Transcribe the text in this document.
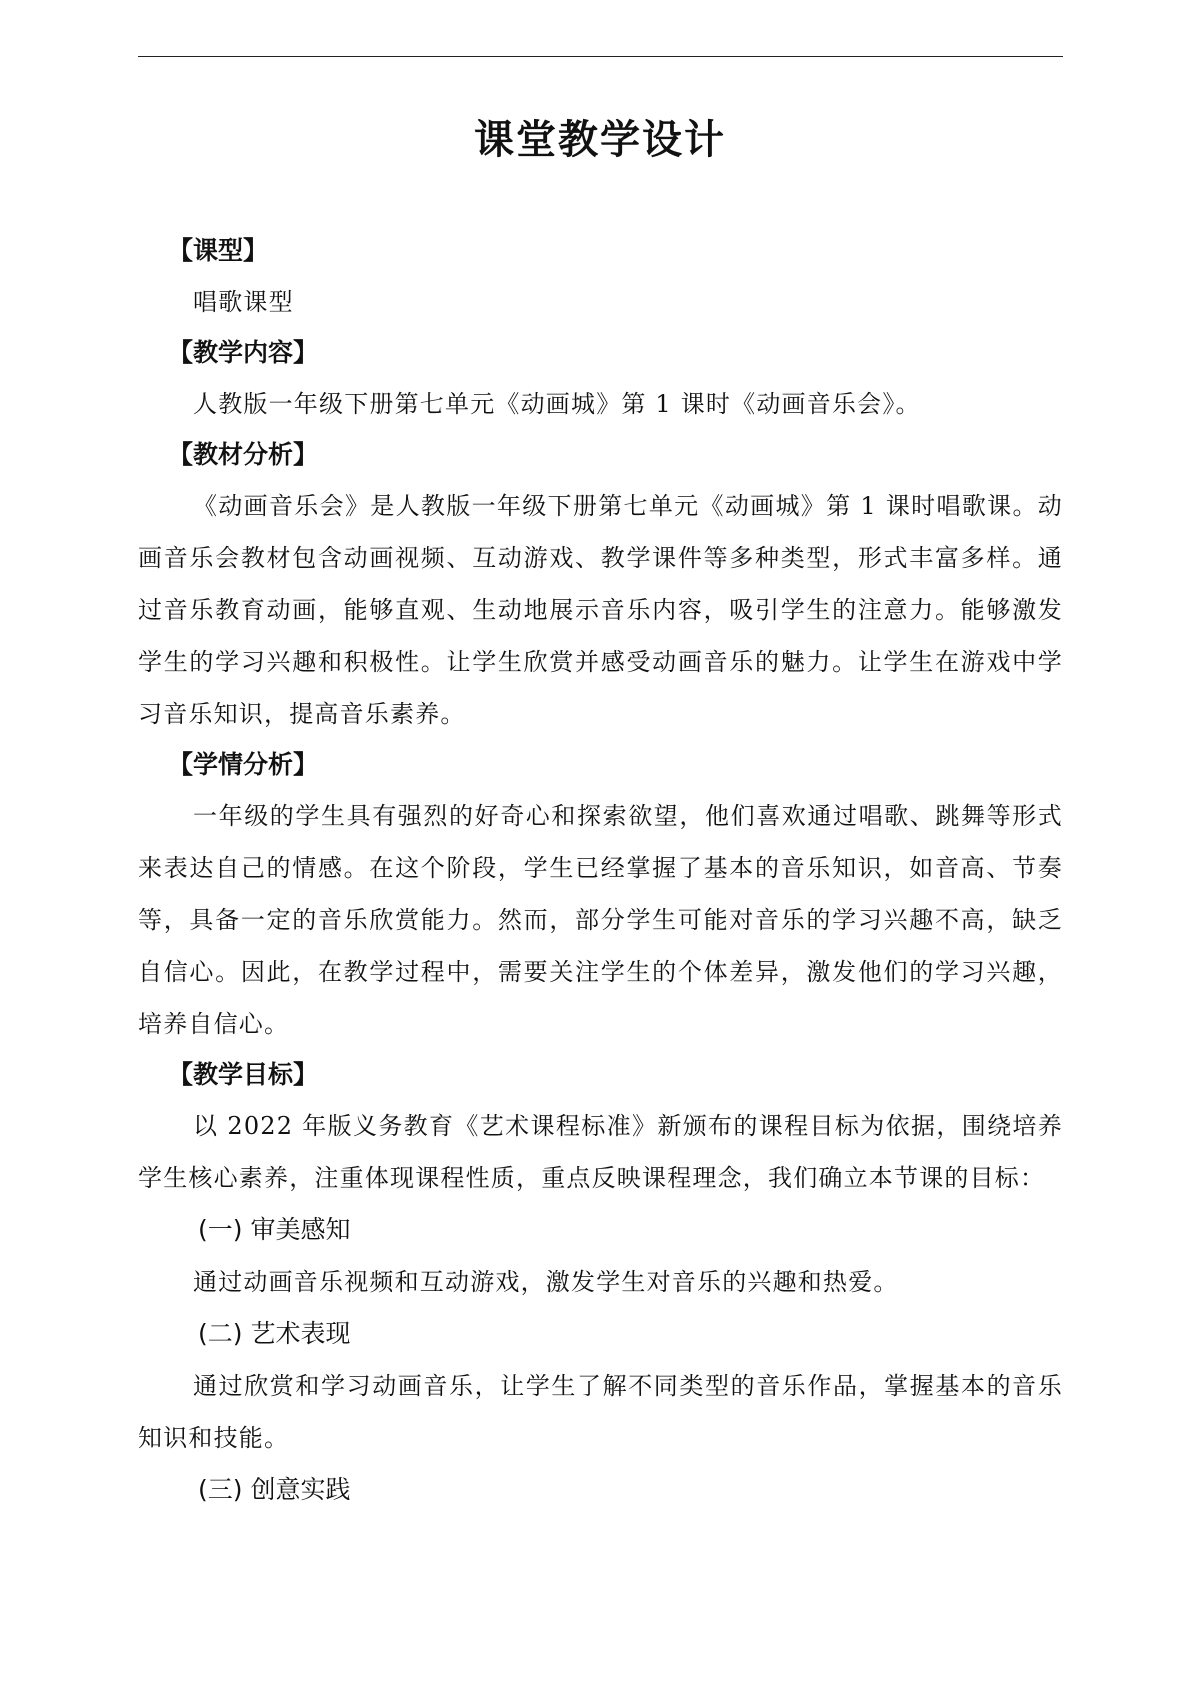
课堂教学设计
【课型】

唱歌课型

【教学内容】

人教版一年级下册第七单元《动画城》第 1 课时《动画音乐会》。

【教材分析】

《动画音乐会》是人教版一年级下册第七单元《动画城》第 1 课时唱歌课。动画音乐会教材包含动画视频、互动游戏、教学课件等多种类型，形式丰富多样。通过音乐教育动画，能够直观、生动地展示音乐内容，吸引学生的注意力。能够激发学生的学习兴趣和积极性。让学生欣赏并感受动画音乐的魅力。让学生在游戏中学习音乐知识，提高音乐素养。

【学情分析】

一年级的学生具有强烈的好奇心和探索欲望，他们喜欢通过唱歌、跳舞等形式来表达自己的情感。在这个阶段，学生已经掌握了基本的音乐知识，如音高、节奏等，具备一定的音乐欣赏能力。然而，部分学生可能对音乐的学习兴趣不高，缺乏自信心。因此，在教学过程中，需要关注学生的个体差异，激发他们的学习兴趣，培养自信心。

【教学目标】

以 2022 年版义务教育《艺术课程标准》新颁布的课程目标为依据，围绕培养学生核心素养，注重体现课程性质，重点反映课程理念，我们确立本节课的目标：

(一) 审美感知

通过动画音乐视频和互动游戏，激发学生对音乐的兴趣和热爱。

(二) 艺术表现

通过欣赏和学习动画音乐，让学生了解不同类型的音乐作品，掌握基本的音乐知识和技能。

(三) 创意实践
